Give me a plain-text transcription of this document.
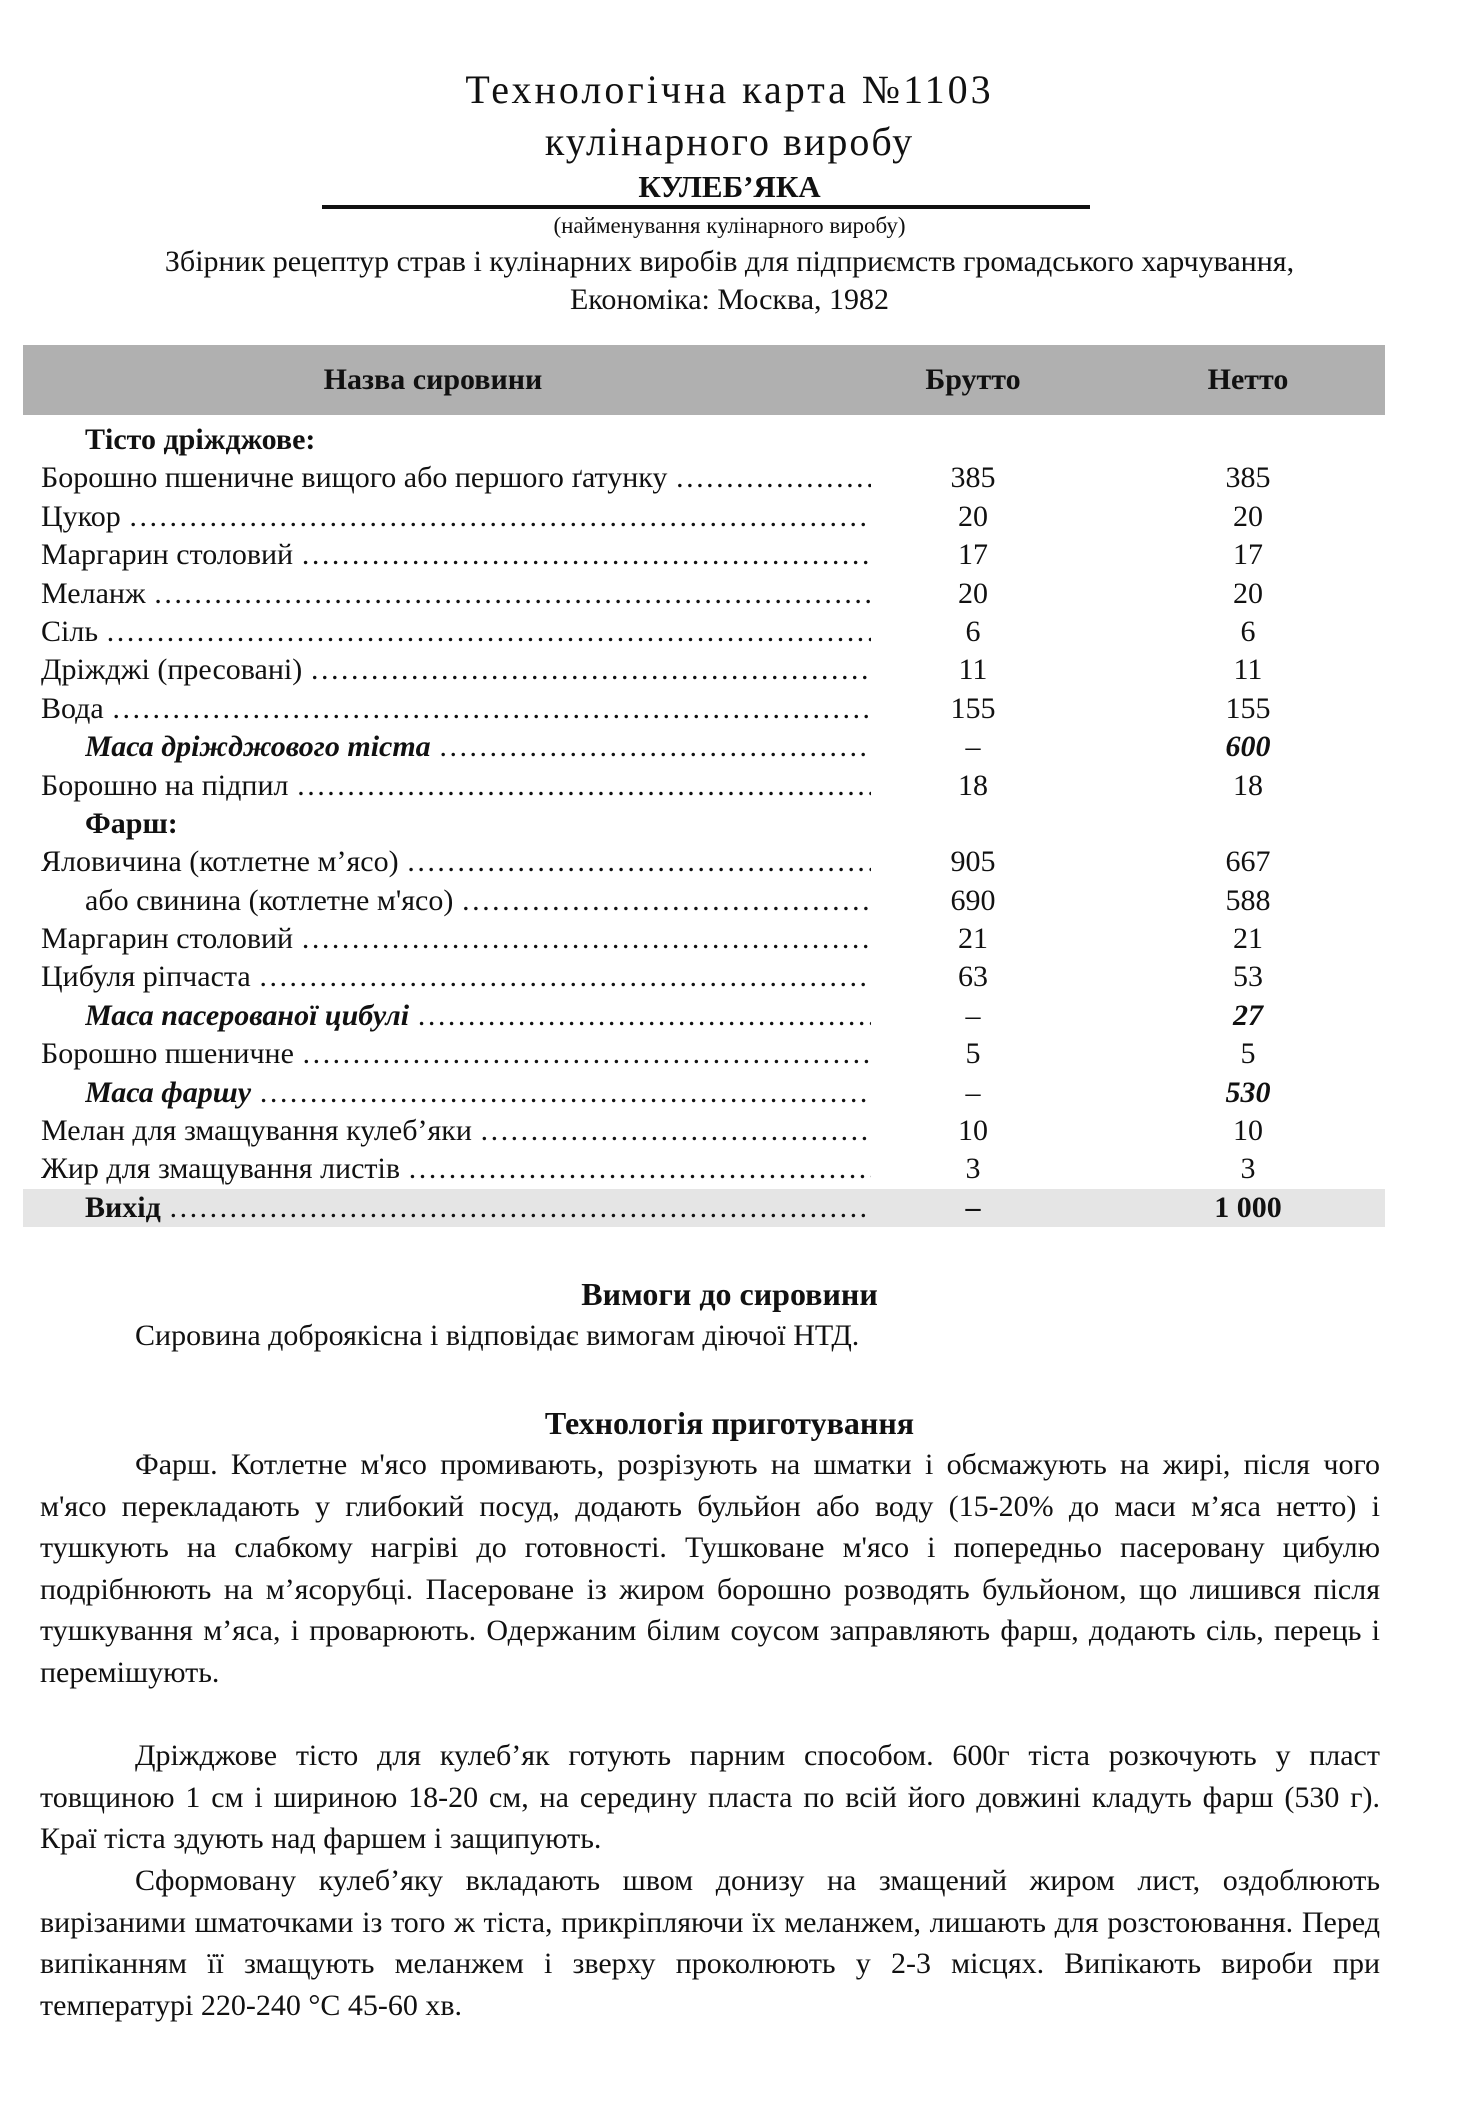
Технологічна карта №1103
кулінарного виробу
КУЛЕБ’ЯКА
(найменування кулінарного виробу)
Збірник рецептур страв і кулінарних виробів для підприємств громадського харчування,
Економіка: Москва, 1982
Назва сировини	Брутто	Нетто
Тісто дріжджове:
Борошно пшеничне вищого або першого ґатунку ……………………………………………………………………………………………………………………	385	385
Цукор ……………………………………………………………………………………………………………………	20	20
Маргарин столовий ……………………………………………………………………………………………………………………	17	17
Меланж ……………………………………………………………………………………………………………………	20	20
Сіль ……………………………………………………………………………………………………………………	6	6
Дріжджі (пресовані) ……………………………………………………………………………………………………………………	11	11
Вода ……………………………………………………………………………………………………………………	155	155
Маса дріжджового тіста ……………………………………………………………………………………………………………………	–	600
Борошно на підпил ……………………………………………………………………………………………………………………	18	18
Фарш:
Яловичина (котлетне м’ясо) ……………………………………………………………………………………………………………………	905	667
або свинина (котлетне м'ясо) ……………………………………………………………………………………………………………………	690	588
Маргарин столовий ……………………………………………………………………………………………………………………	21	21
Цибуля ріпчаста ……………………………………………………………………………………………………………………	63	53
Маса пасерованої цибулі ……………………………………………………………………………………………………………………	–	27
Борошно пшеничне ……………………………………………………………………………………………………………………	5	5
Маса фаршу ……………………………………………………………………………………………………………………	–	530
Мелан для змащування кулеб’яки ……………………………………………………………………………………………………………………	10	10
Жир для змащування листів ……………………………………………………………………………………………………………………	3	3
Вихід ……………………………………………………………………………………………………………………	–	1 000
Вимоги до сировини
Сировина доброякісна і відповідає вимогам діючої НТД.
Технологія приготування

Фарш. Котлетне м'ясо промивають, розрізують на шматки і обсмажують на жирі, після чого м'ясо перекладають у глибокий посуд, додають бульйон або воду (15-20% до маси м’яса нетто) і тушкують на слабкому нагріві до готовності. Тушковане м'ясо і попередньо пасеровану цибулю подрібнюють на м’ясорубці. Пасероване із жиром борошно розводять бульйоном, що лишився після тушкування м’яса, і проварюють. Одержаним білим соусом заправляють фарш, додають сіль, перець і перемішують.

Дріжджове тісто для кулеб’як готують парним способом. 600г тіста розкочують у пласт товщиною 1 см і шириною 18-20 см, на середину пласта по всій його довжині кладуть фарш (530 г). Краї тіста здують над фаршем і защипують.

Сформовану кулеб’яку вкладають швом донизу на змащений жиром лист, оздоблюють вирізаними шматочками із того ж тіста, прикріпляючи їх меланжем, лишають для розстоювання. Перед випіканням її змащують меланжем і зверху проколюють у 2-3 місцях. Випікають вироби при температурі 220-240 °С 45-60 хв.
